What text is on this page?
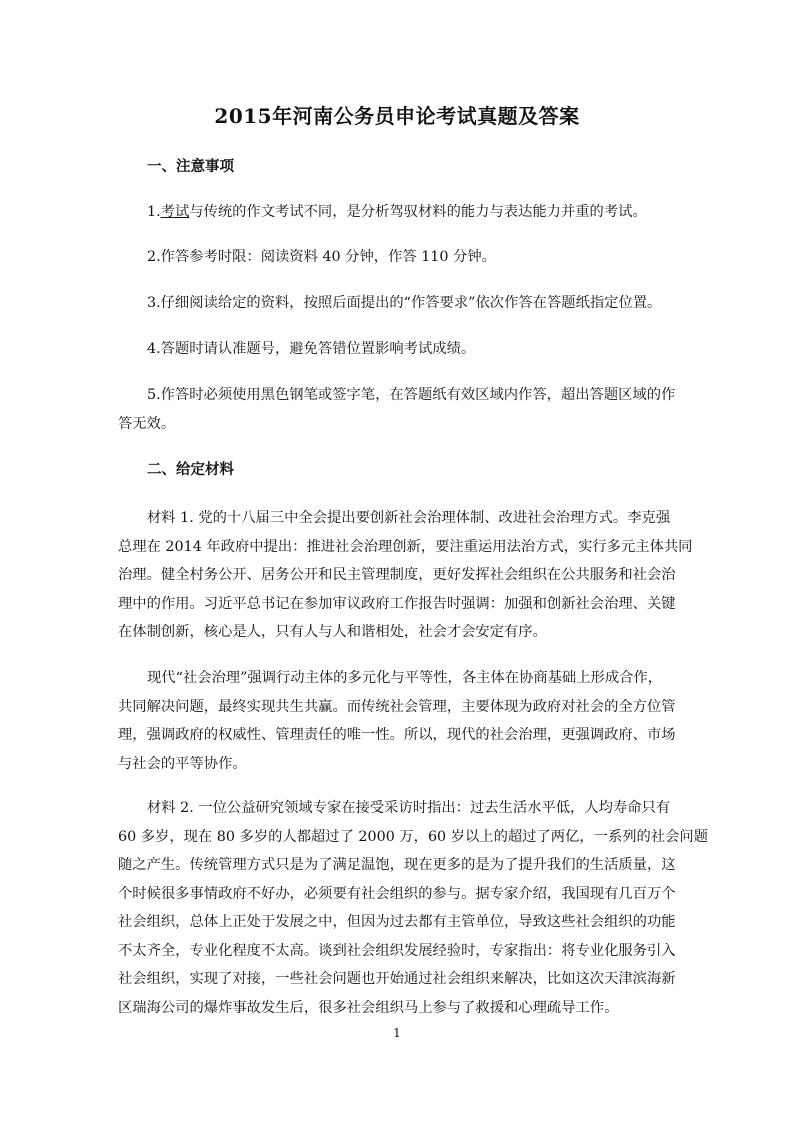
2015年河南公务员申论考试真题及答案
一、注意事项
1.考试与传统的作文考试不同，是分析驾驭材料的能力与表达能力并重的考试。
2.作答参考时限：阅读资料 40 分钟，作答 110 分钟。
3.仔细阅读给定的资料，按照后面提出的“作答要求”依次作答在答题纸指定位置。
4.答题时请认准题号，避免答错位置影响考试成绩。
5.作答时必须使用黑色钢笔或签字笔，在答题纸有效区域内作答，超出答题区域的作
答无效。
二、给定材料
材料 1. 党的十八届三中全会提出要创新社会治理体制、改进社会治理方式。李克强
总理在 2014 年政府中提出：推进社会治理创新，要注重运用法治方式，实行多元主体共同
治理。健全村务公开、居务公开和民主管理制度，更好发挥社会组织在公共服务和社会治
理中的作用。习近平总书记在参加审议政府工作报告时强调：加强和创新社会治理、关键
在体制创新，核心是人，只有人与人和谐相处，社会才会安定有序。
现代“社会治理”强调行动主体的多元化与平等性，各主体在协商基础上形成合作，
共同解决问题，最终实现共生共赢。而传统社会管理，主要体现为政府对社会的全方位管
理，强调政府的权威性、管理责任的唯一性。所以，现代的社会治理，更强调政府、市场
与社会的平等协作。
材料 2. 一位公益研究领域专家在接受采访时指出：过去生活水平低，人均寿命只有
60 多岁，现在 80 多岁的人都超过了 2000 万，60 岁以上的超过了两亿，一系列的社会问题
随之产生。传统管理方式只是为了满足温饱，现在更多的是为了提升我们的生活质量，这
个时候很多事情政府不好办，必须要有社会组织的参与。据专家介绍，我国现有几百万个
社会组织，总体上正处于发展之中，但因为过去都有主管单位，导致这些社会组织的功能
不太齐全，专业化程度不太高。谈到社会组织发展经验时，专家指出：将专业化服务引入
社会组织，实现了对接，一些社会问题也开始通过社会组织来解决，比如这次天津滨海新
区瑞海公司的爆炸事故发生后，很多社会组织马上参与了救援和心理疏导工作。
1
